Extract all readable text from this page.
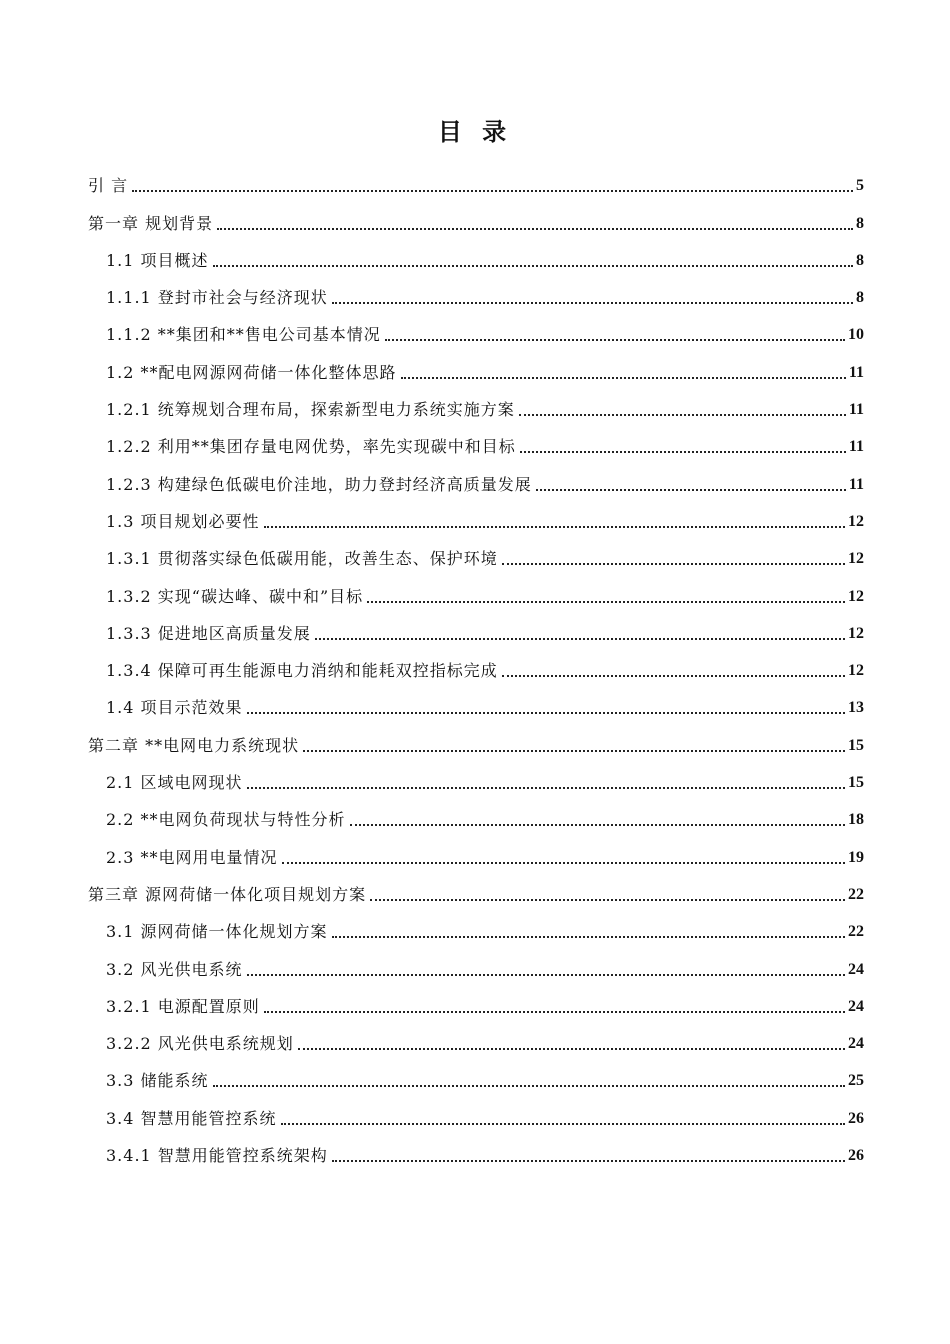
目 录
引 言	5
第一章 规划背景	8
1.1 项目概述	8
1.1.1 登封市社会与经济现状	8
1.1.2 **集团和**售电公司基本情况	10
1.2 **配电网源网荷储一体化整体思路	11
1.2.1 统筹规划合理布局，探索新型电力系统实施方案	11
1.2.2 利用**集团存量电网优势，率先实现碳中和目标	11
1.2.3 构建绿色低碳电价洼地，助力登封经济高质量发展	11
1.3 项目规划必要性	12
1.3.1 贯彻落实绿色低碳用能，改善生态、保护环境	12
1.3.2 实现“碳达峰、碳中和”目标	12
1.3.3 促进地区高质量发展	12
1.3.4 保障可再生能源电力消纳和能耗双控指标完成	12
1.4 项目示范效果	13
第二章 **电网电力系统现状	15
2.1 区域电网现状	15
2.2 **电网负荷现状与特性分析	18
2.3 **电网用电量情况	19
第三章 源网荷储一体化项目规划方案	22
3.1 源网荷储一体化规划方案	22
3.2 风光供电系统	24
3.2.1 电源配置原则	24
3.2.2 风光供电系统规划	24
3.3 储能系统	25
3.4 智慧用能管控系统	26
3.4.1 智慧用能管控系统架构	26
